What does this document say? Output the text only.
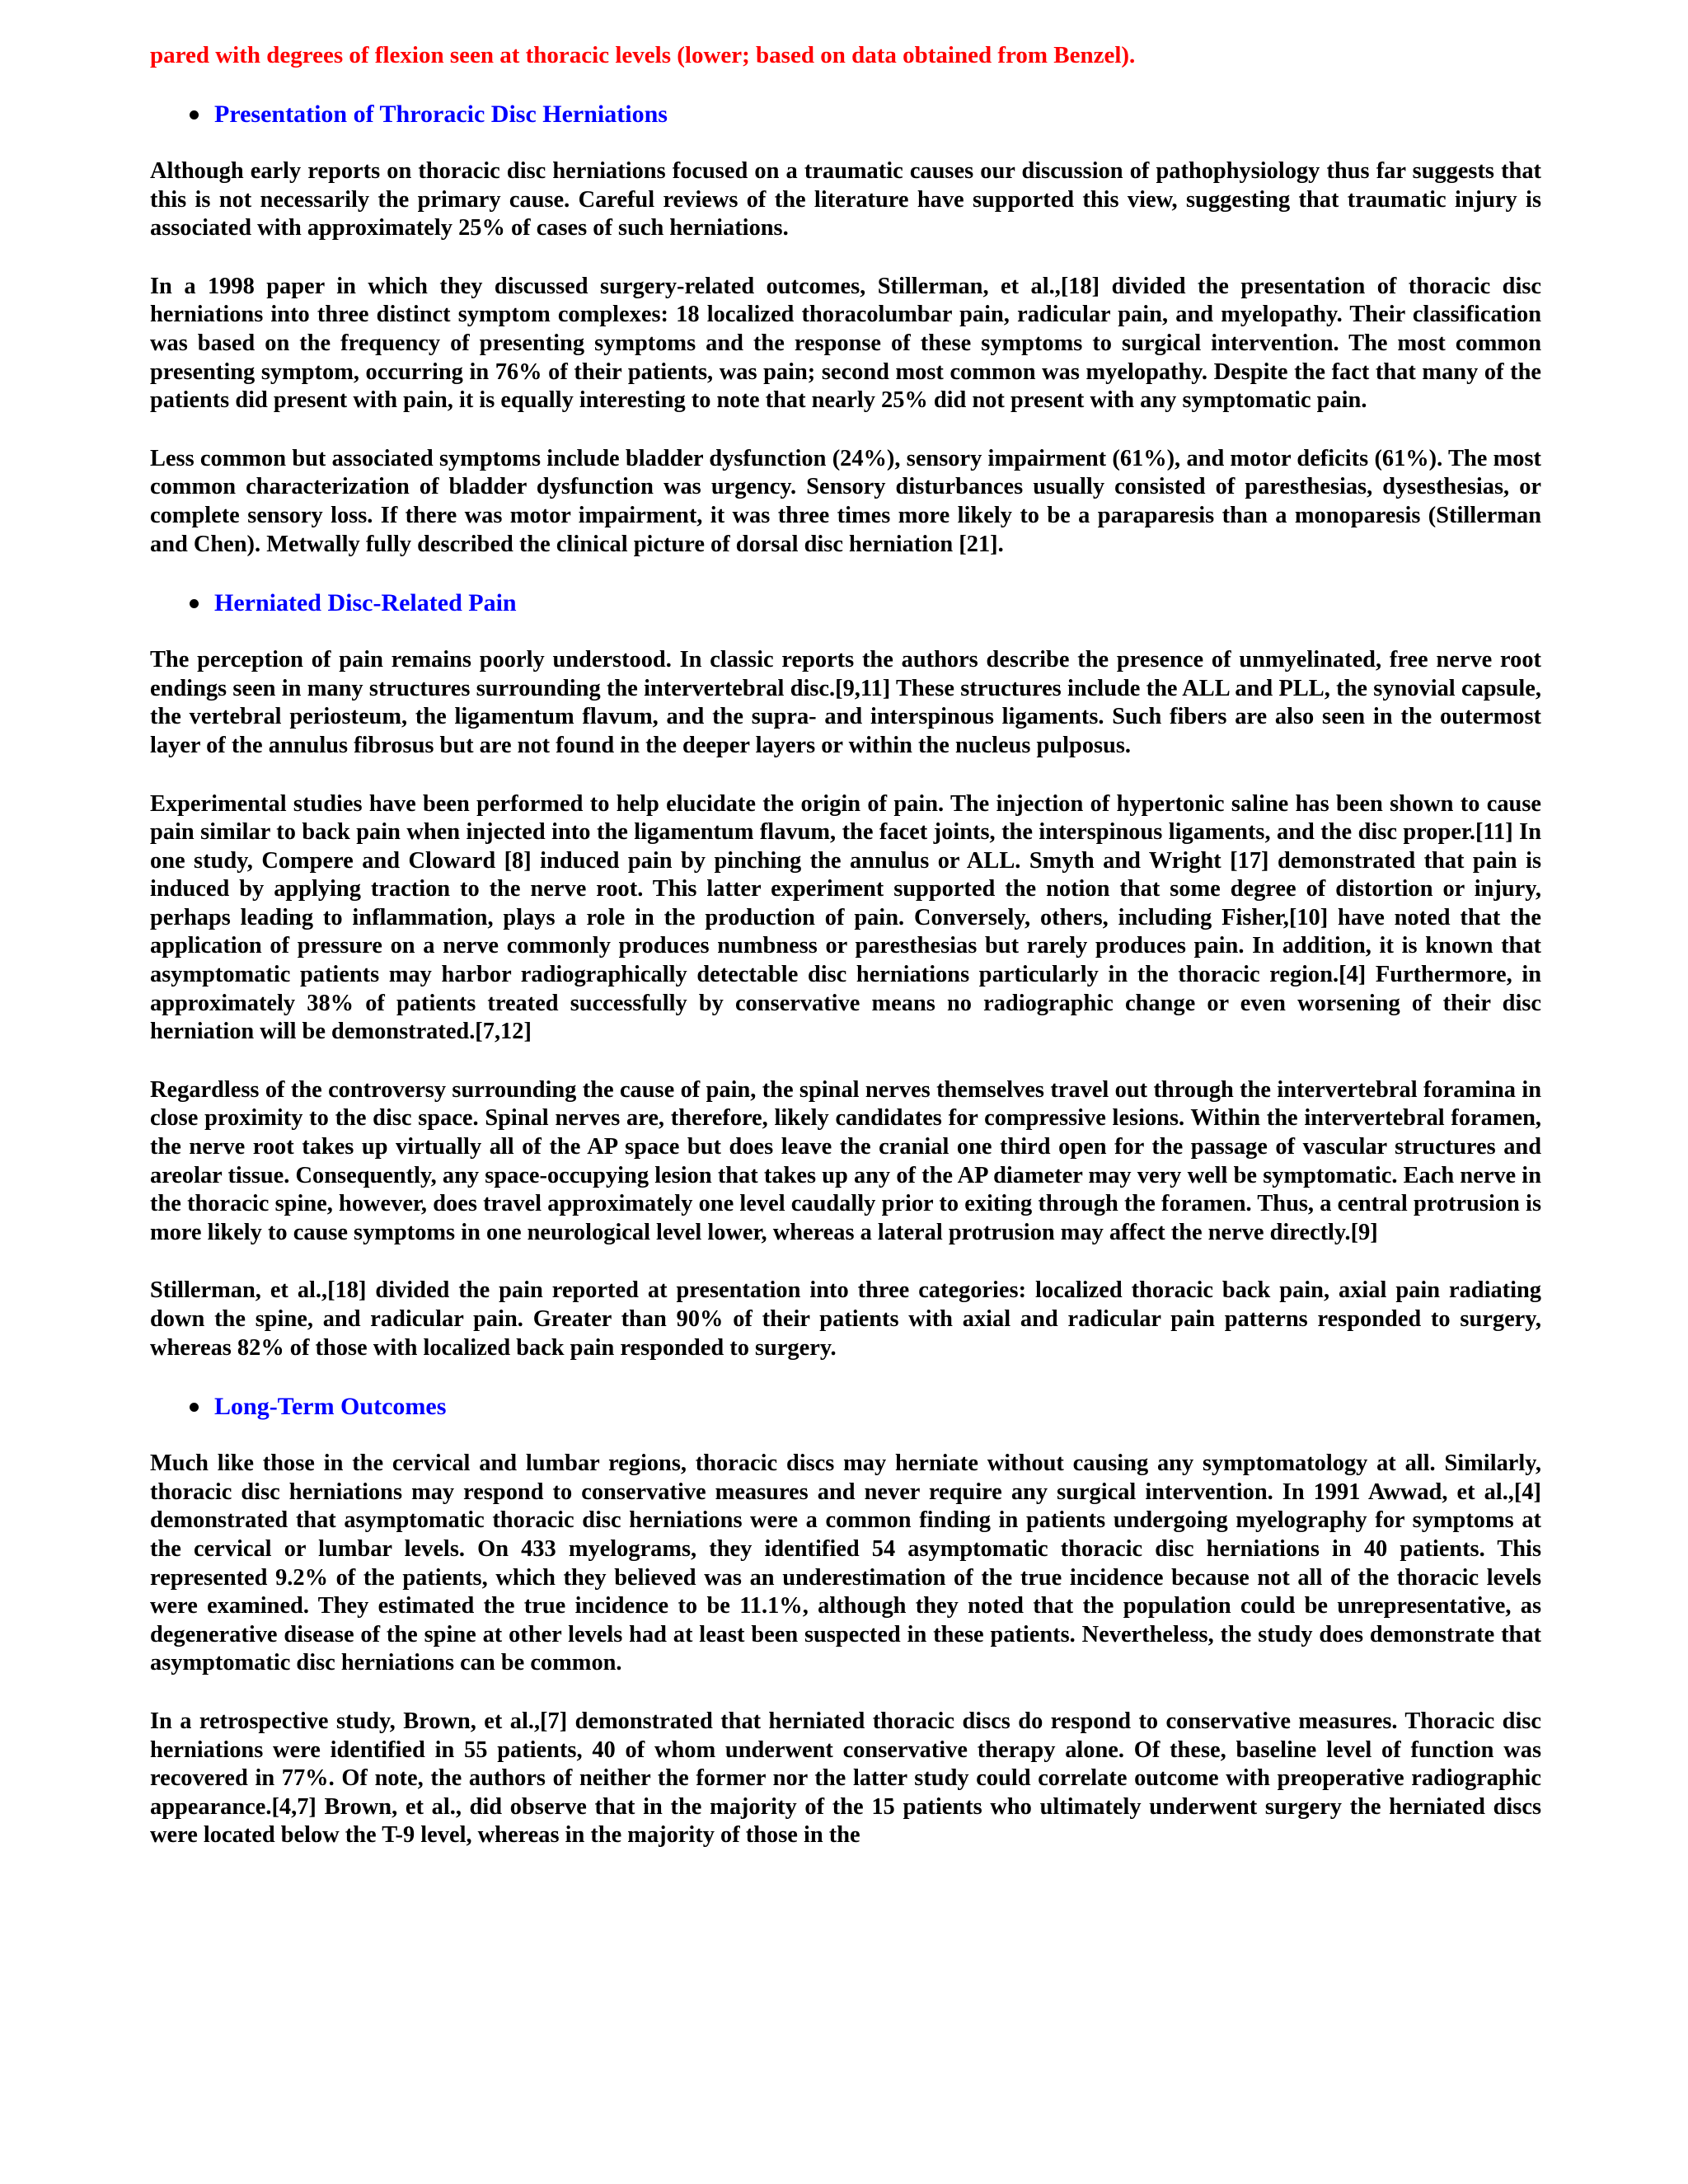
pared with degrees of flexion seen at thoracic levels (lower; based on data obtained from Benzel).

Presentation of Throracic Disc Herniations

Although early reports on thoracic disc herniations focused on a traumatic causes our discussion of pathophysiology thus far suggests that this is not necessarily the primary cause. Careful reviews of the literature have supported this view, suggesting that traumatic injury is associated with approximately 25% of cases of such herniations.

In a 1998 paper in which they discussed surgery-related outcomes, Stillerman, et al.,[18] divided the presentation of thoracic disc herniations into three distinct symptom complexes: 18 localized thoracolumbar pain, radicular pain, and myelopathy. Their classification was based on the frequency of presenting symptoms and the response of these symptoms to surgical intervention. The most common presenting symptom, occurring in 76% of their patients, was pain; second most common was myelopathy. Despite the fact that many of the patients did present with pain, it is equally interesting to note that nearly 25% did not present with any symptomatic pain.

Less common but associated symptoms include bladder dysfunction (24%), sensory impairment (61%), and motor deficits (61%). The most common characterization of bladder dysfunction was urgency. Sensory disturbances usually consisted of paresthesias, dysesthesias, or complete sensory loss. If there was motor impairment, it was three times more likely to be a paraparesis than a monoparesis (Stillerman and Chen). Metwally fully described the clinical picture of dorsal disc herniation [21].

Herniated Disc-Related Pain

The perception of pain remains poorly understood. In classic reports the authors describe the presence of unmyelinated, free nerve root endings seen in many structures surrounding the intervertebral disc.[9,11] These structures include the ALL and PLL, the synovial capsule, the vertebral periosteum, the ligamentum flavum, and the supra- and interspinous ligaments. Such fibers are also seen in the outermost layer of the annulus fibrosus but are not found in the deeper layers or within the nucleus pulposus.

Experimental studies have been performed to help elucidate the origin of pain. The injection of hypertonic saline has been shown to cause pain similar to back pain when injected into the ligamentum flavum, the facet joints, the interspinous ligaments, and the disc proper.[11] In one study, Compere and Cloward [8] induced pain by pinching the annulus or ALL. Smyth and Wright [17] demonstrated that pain is induced by applying traction to the nerve root. This latter experiment supported the notion that some degree of distortion or injury, perhaps leading to inflammation, plays a role in the production of pain. Conversely, others, including Fisher,[10] have noted that the application of pressure on a nerve commonly produces numbness or paresthesias but rarely produces pain. In addition, it is known that asymptomatic patients may harbor radiographically detectable disc herniations particularly in the thoracic region.[4] Furthermore, in approximately 38% of patients treated successfully by conservative means no radiographic change or even worsening of their disc herniation will be demonstrated.[7,12]

Regardless of the controversy surrounding the cause of pain, the spinal nerves themselves travel out through the intervertebral foramina in close proximity to the disc space. Spinal nerves are, therefore, likely candidates for compressive lesions. Within the intervertebral foramen, the nerve root takes up virtually all of the AP space but does leave the cranial one third open for the passage of vascular structures and areolar tissue. Consequently, any space-occupying lesion that takes up any of the AP diameter may very well be symptomatic. Each nerve in the thoracic spine, however, does travel approximately one level caudally prior to exiting through the foramen. Thus, a central protrusion is more likely to cause symptoms in one neurological level lower, whereas a lateral protrusion may affect the nerve directly.[9]

Stillerman, et al.,[18] divided the pain reported at presentation into three categories: localized thoracic back pain, axial pain radiating down the spine, and radicular pain. Greater than 90% of their patients with axial and radicular pain patterns responded to surgery, whereas 82% of those with localized back pain responded to surgery.

Long-Term Outcomes

Much like those in the cervical and lumbar regions, thoracic discs may herniate without causing any symptomatology at all. Similarly, thoracic disc herniations may respond to conservative measures and never require any surgical intervention. In 1991 Awwad, et al.,[4] demonstrated that asymptomatic thoracic disc herniations were a common finding in patients undergoing myelography for symptoms at the cervical or lumbar levels. On 433 myelograms, they identified 54 asymptomatic thoracic disc herniations in 40 patients. This represented 9.2% of the patients, which they believed was an underestimation of the true incidence because not all of the thoracic levels were examined. They estimated the true incidence to be 11.1%, although they noted that the population could be unrepresentative, as degenerative disease of the spine at other levels had at least been suspected in these patients. Nevertheless, the study does demonstrate that asymptomatic disc herniations can be common.

In a retrospective study, Brown, et al.,[7] demonstrated that herniated thoracic discs do respond to conservative measures. Thoracic disc herniations were identified in 55 patients, 40 of whom underwent conservative therapy alone. Of these, baseline level of function was recovered in 77%. Of note, the authors of neither the former nor the latter study could correlate outcome with preoperative radiographic appearance.[4,7] Brown, et al., did observe that in the majority of the 15 patients who ultimately underwent surgery the herniated discs were located below the T-9 level, whereas in the majority of those in the
